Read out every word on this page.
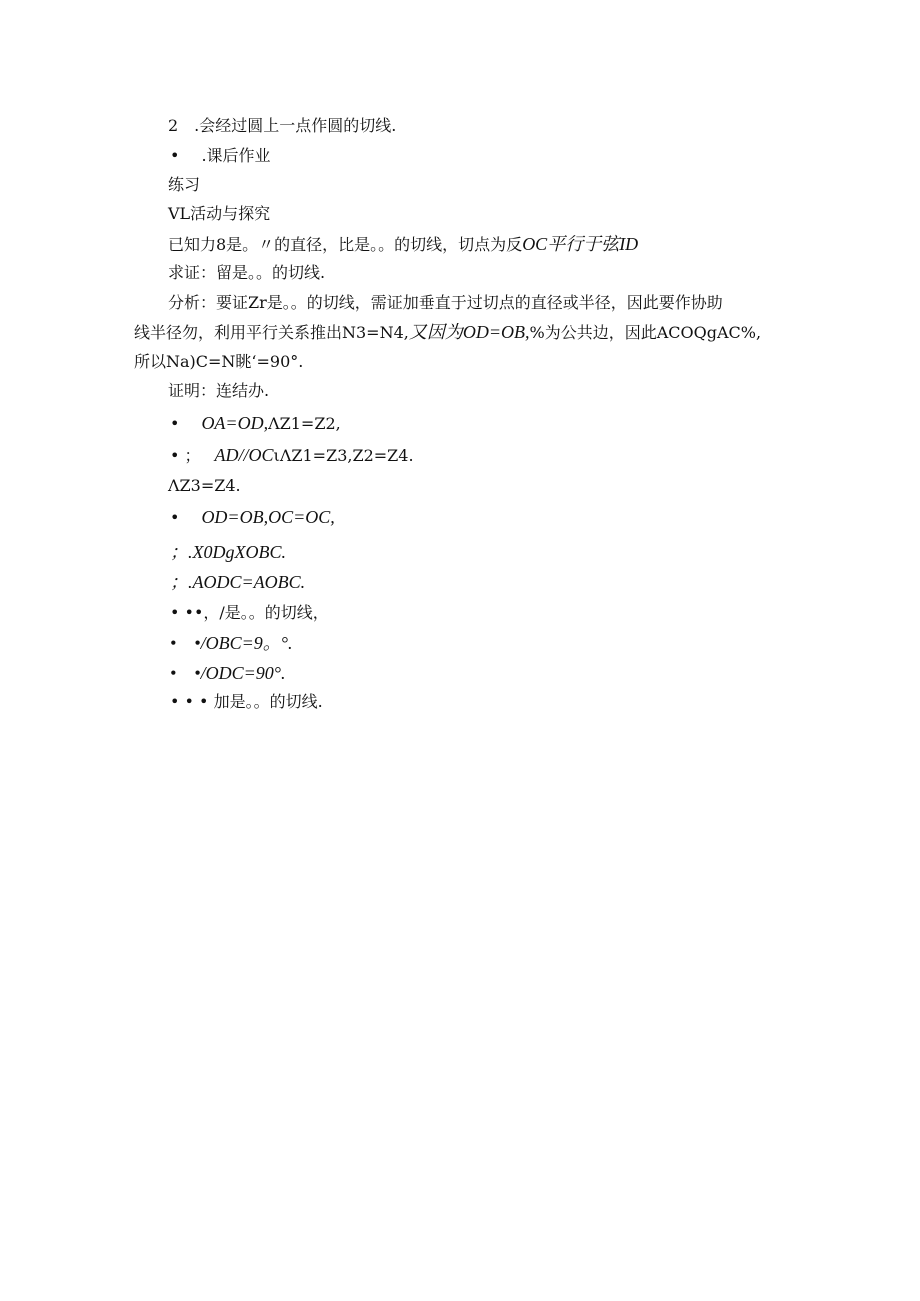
2　.会经过圆上一点作圆的切线.
• .课后作业
练习
VL活动与探究
已知力8是。〃的直径，比是。。的切线，切点为反OC平行于弦ID
求证：留是。。的切线.
分析：要证Zr是。。的切线，需证加垂直于过切点的直径或半径，因此要作协助
线半径勿，利用平行关系推出N3=N4,又因为OD=OB,%为公共边，因此ACOQgAC%,
所以Na)C=N眺‘=90°.
证明：连结办.
• OA=OD,ΛZ1=Z2,
• ； AD//OCιΛZ1=Z3,Z2=Z4.
ΛZ3=Z4.
• OD=OB,OC=OC,
；.X0DgXOBC.
；.AODC=AOBC.
• ••，/是。。的切线，
•　•/OBC=9。°.
•　•/ODC=90°.
• • • 加是。。的切线.
